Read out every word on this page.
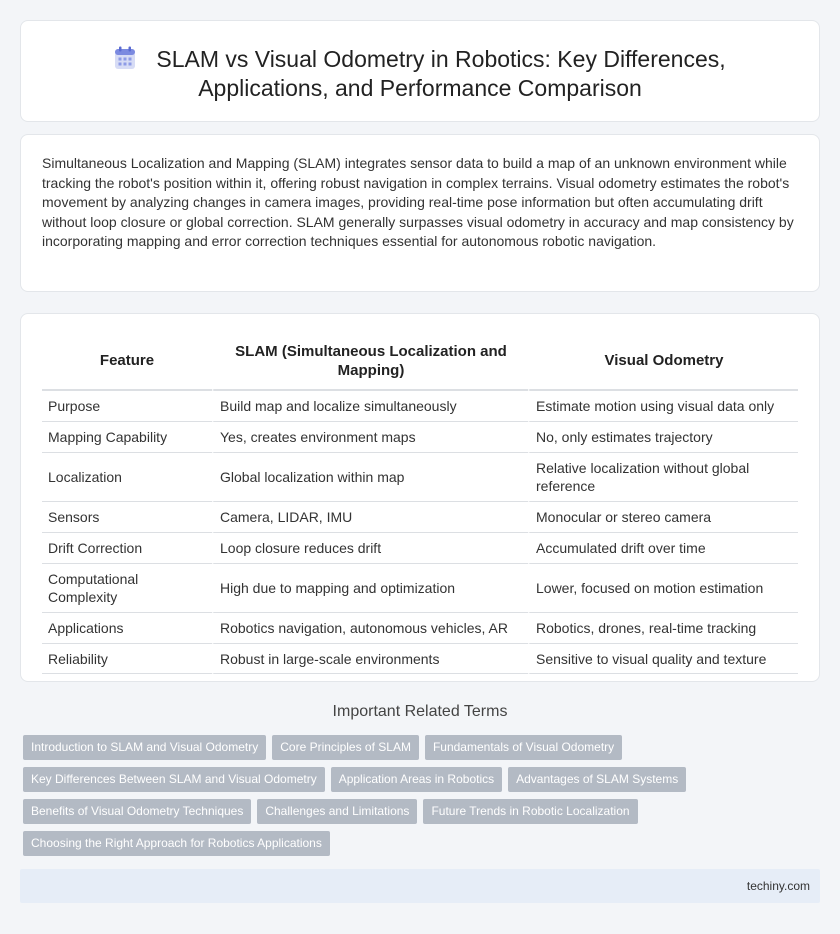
SLAM vs Visual Odometry in Robotics: Key Differences,
Applications, and Performance Comparison

Simultaneous Localization and Mapping (SLAM) integrates sensor data to build a map of an unknown environment while tracking the robot's position within it, offering robust navigation in complex terrains. Visual odometry estimates the robot's movement by analyzing changes in camera images, providing real-time pose information but often accumulating drift without loop closure or global correction. SLAM generally surpasses visual odometry in accuracy and map consistency by incorporating mapping and error correction techniques essential for autonomous robotic navigation.

Feature	SLAM (Simultaneous Localization and Mapping)	Visual Odometry
Purpose	Build map and localize simultaneously	Estimate motion using visual data only
Mapping Capability	Yes, creates environment maps	No, only estimates trajectory
Localization	Global localization within map	Relative localization without global reference
Sensors	Camera, LIDAR, IMU	Monocular or stereo camera
Drift Correction	Loop closure reduces drift	Accumulated drift over time
Computational Complexity	High due to mapping and optimization	Lower, focused on motion estimation
Applications	Robotics navigation, autonomous vehicles, AR	Robotics, drones, real-time tracking
Reliability	Robust in large-scale environments	Sensitive to visual quality and texture
Important Related Terms
Introduction to SLAM and Visual Odometry Core Principles of SLAM Fundamentals of Visual Odometry
Key Differences Between SLAM and Visual Odometry Application Areas in Robotics Advantages of SLAM Systems
Benefits of Visual Odometry Techniques Challenges and Limitations Future Trends in Robotic Localization
Choosing the Right Approach for Robotics Applications
techiny.com
